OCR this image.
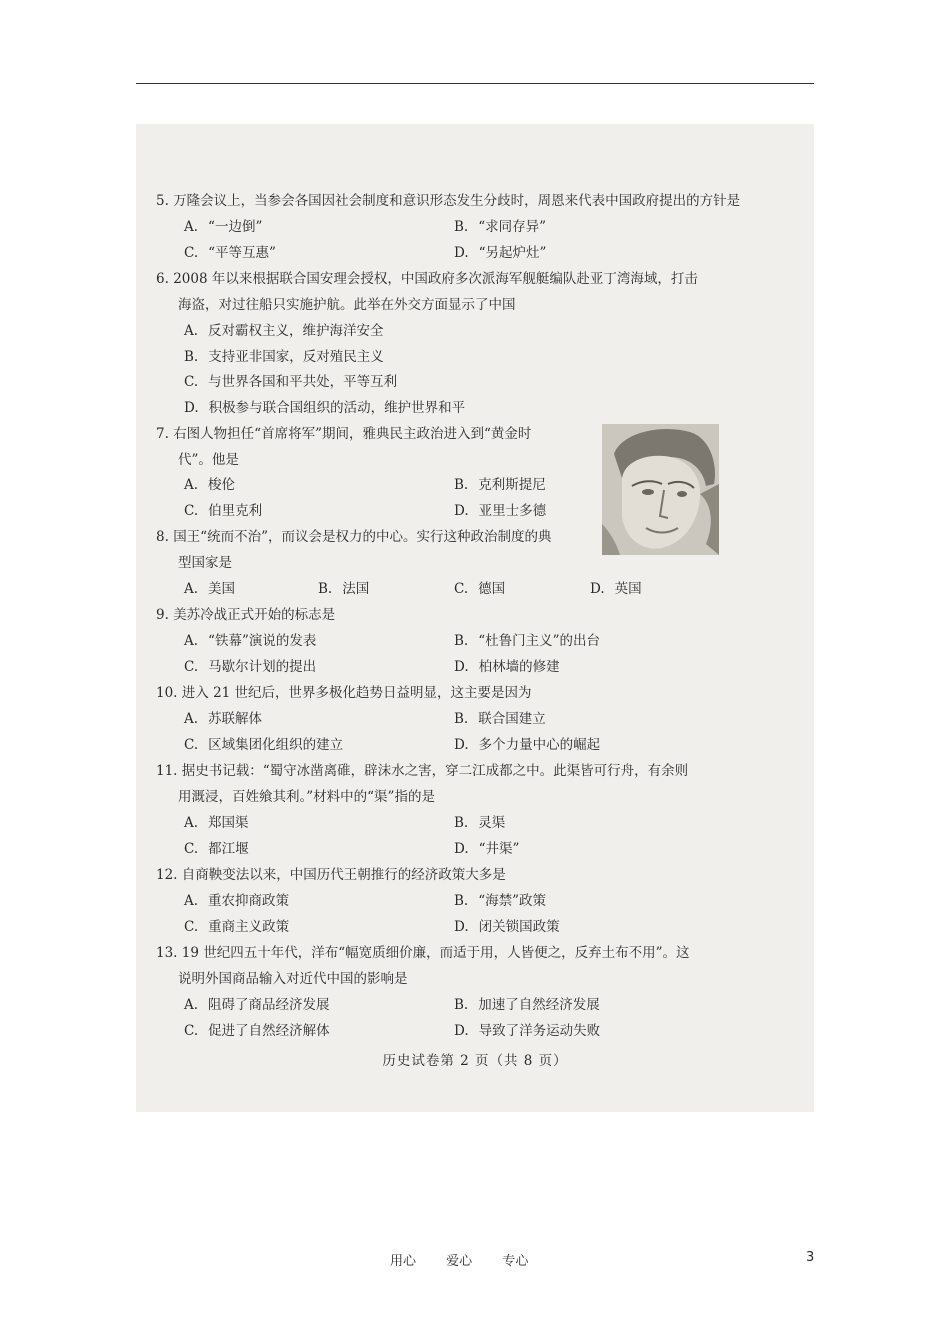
5. 万隆会议上，当参会各国因社会制度和意识形态发生分歧时，周恩来代表中国政府提出的方针是
A. “一边倒”	B. “求同存异”
C. “平等互惠”	D. “另起炉灶”
6. 2008 年以来根据联合国安理会授权，中国政府多次派海军舰艇编队赴亚丁湾海域，打击
海盗，对过往船只实施护航。此举在外交方面显示了中国
A. 反对霸权主义，维护海洋安全
B. 支持亚非国家，反对殖民主义
C. 与世界各国和平共处，平等互利
D. 积极参与联合国组织的活动，维护世界和平
7. 右图人物担任“首席将军”期间，雅典民主政治进入到“黄金时
代”。他是
A. 梭伦	B. 克利斯提尼
C. 伯里克利	D. 亚里士多德
8. 国王“统而不治”，而议会是权力的中心。实行这种政治制度的典
型国家是
A. 美国	B. 法国	C. 德国	D. 英国
9. 美苏冷战正式开始的标志是
A. “铁幕”演说的发表	B. “杜鲁门主义”的出台
C. 马歇尔计划的提出	D. 柏林墙的修建
10. 进入 21 世纪后，世界多极化趋势日益明显，这主要是因为
A. 苏联解体	B. 联合国建立
C. 区域集团化组织的建立	D. 多个力量中心的崛起
11. 据史书记载：“蜀守冰凿离碓，辟沫水之害，穿二江成都之中。此渠皆可行舟，有余则
用溉浸，百姓飨其利。”材料中的“渠”指的是
A. 郑国渠	B. 灵渠
C. 都江堰	D. “井渠”
12. 自商鞅变法以来，中国历代王朝推行的经济政策大多是
A. 重农抑商政策	B. “海禁”政策
C. 重商主义政策	D. 闭关锁国政策
13. 19 世纪四五十年代，洋布“幅宽质细价廉，而适于用，人皆便之，反弃土布不用”。这
说明外国商品输入对近代中国的影响是
A. 阻碍了商品经济发展	B. 加速了自然经济发展
C. 促进了自然经济解体	D. 导致了洋务运动失败
历史试卷第 2 页（共 8 页）
用心 爱心 专心	3
